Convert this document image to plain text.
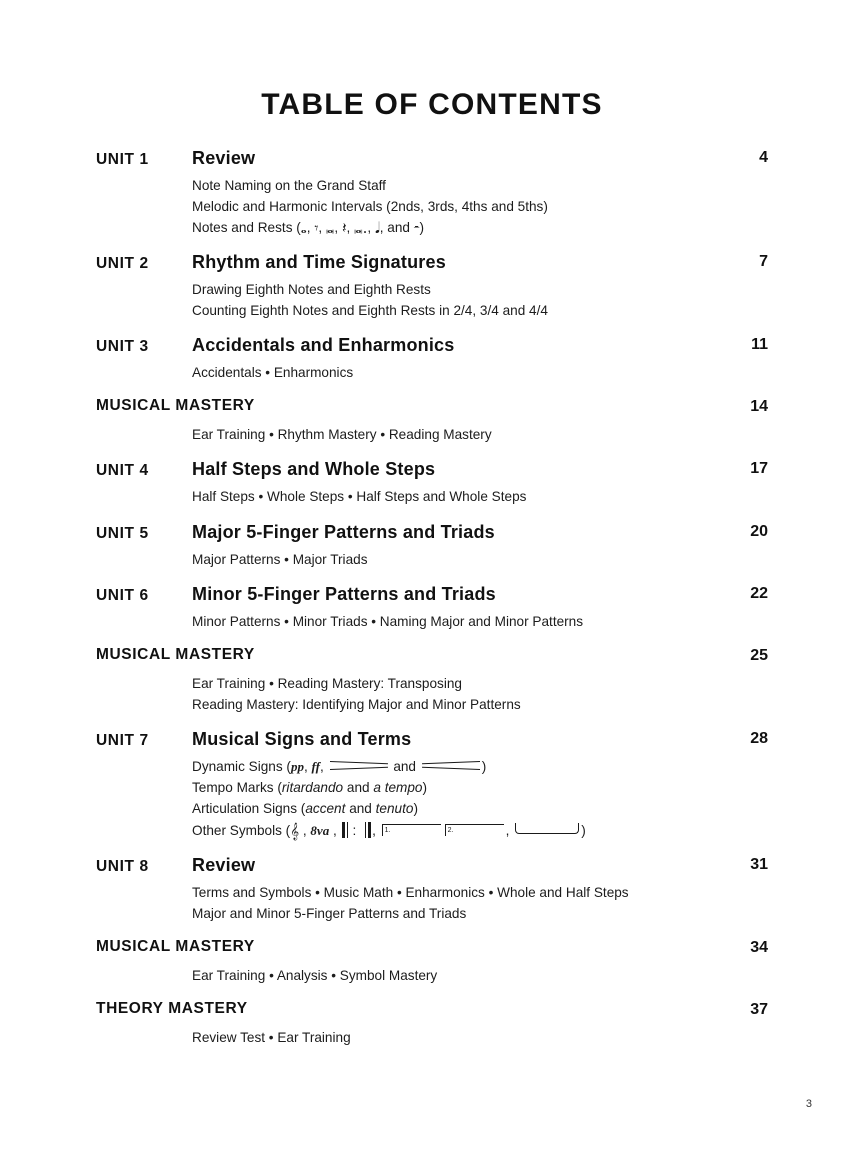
TABLE OF CONTENTS
UNIT 1	Review	4
Note Naming on the Grand Staff
Melodic and Harmonic Intervals (2nds, 3rds, 4ths and 5ths)
Notes and Rests (𝅝, 𝄾, 𝅜, 𝄽, 𝅜., 𝅘𝅥, and 𝄼)
UNIT 2	Rhythm and Time Signatures	7
Drawing Eighth Notes and Eighth Rests
Counting Eighth Notes and Eighth Rests in 2/4, 3/4 and 4/4
UNIT 3	Accidentals and Enharmonics	11
Accidentals • Enharmonics
MUSICAL MASTERY	14
Ear Training • Rhythm Mastery • Reading Mastery
UNIT 4	Half Steps and Whole Steps	17
Half Steps • Whole Steps • Half Steps and Whole Steps
UNIT 5	Major 5-Finger Patterns and Triads	20
Major Patterns • Major Triads
UNIT 6	Minor 5-Finger Patterns and Triads	22
Minor Patterns • Minor Triads • Naming Major and Minor Patterns
MUSICAL MASTERY	25
Ear Training • Reading Mastery: Transposing
Reading Mastery: Identifying Major and Minor Patterns
UNIT 7	Musical Signs and Terms	28
Dynamic Signs (pp, ff,	and	)
Tempo Marks (ritardando and a tempo)
Articulation Signs (accent and tenuto)
Other Symbols (𝄞 , 8va , : , 1.	2.	,	)
UNIT 8	Review	31
Terms and Symbols • Music Math • Enharmonics • Whole and Half Steps
Major and Minor 5-Finger Patterns and Triads
MUSICAL MASTERY	34
Ear Training • Analysis • Symbol Mastery
THEORY MASTERY	37
Review Test • Ear Training
3
